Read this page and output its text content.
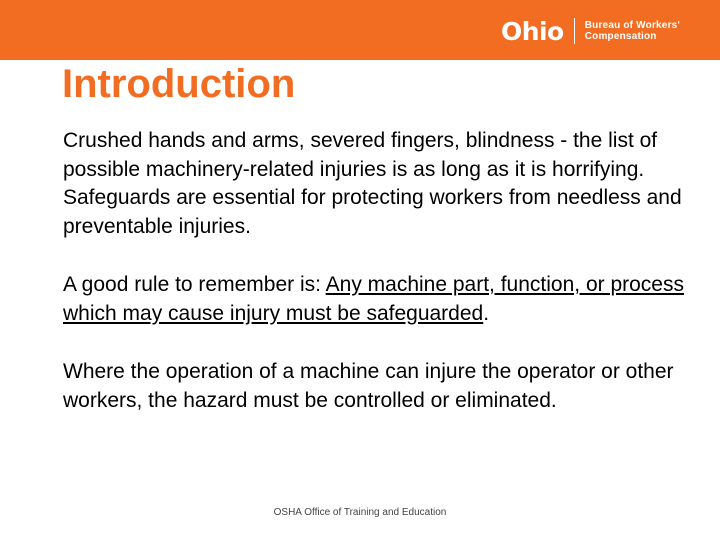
Ohio Bureau of Workers'
Compensation
Introduction

Crushed hands and arms, severed fingers, blindness - the list of possible machinery-related injuries is as long as it is horrifying. Safeguards are essential for protecting workers from needless and preventable injuries.

A good rule to remember is: Any machine part, function, or process which may cause injury must be safeguarded.

Where the operation of a machine can injure the operator or other workers, the hazard must be controlled or eliminated.

OSHA Office of Training and Education
